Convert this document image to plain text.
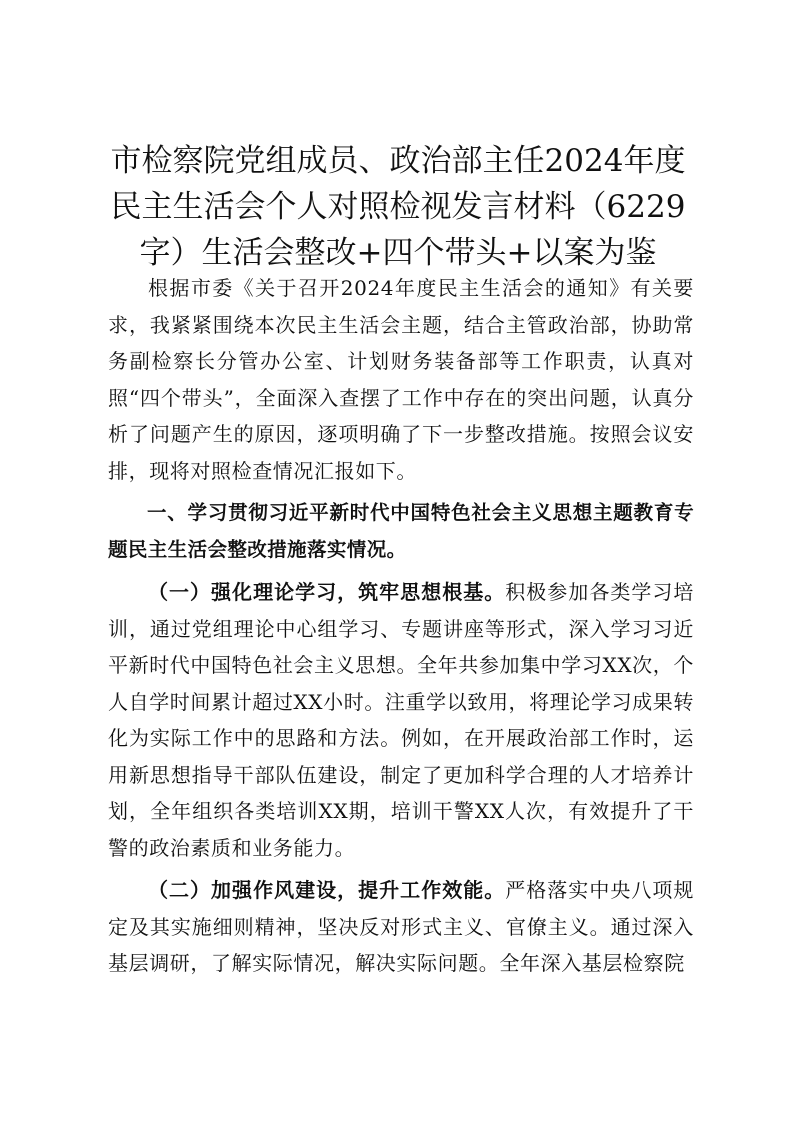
市检察院党组成员、政治部主任2024年度民主生活会个人对照检视发言材料（6229字）生活会整改+四个带头+以案为鉴

根据市委《关于召开2024年度民主生活会的通知》有关要求，我紧紧围绕本次民主生活会主题，结合主管政治部，协助常务副检察长分管办公室、计划财务装备部等工作职责，认真对照“四个带头”，全面深入查摆了工作中存在的突出问题，认真分析了问题产生的原因，逐项明确了下一步整改措施。按照会议安排，现将对照检查情况汇报如下。

一、学习贯彻习近平新时代中国特色社会主义思想主题教育专题民主生活会整改措施落实情况。

（一）强化理论学习，筑牢思想根基。积极参加各类学习培训，通过党组理论中心组学习、专题讲座等形式，深入学习习近平新时代中国特色社会主义思想。全年共参加集中学习XX次，个人自学时间累计超过XX小时。注重学以致用，将理论学习成果转化为实际工作中的思路和方法。例如，在开展政治部工作时，运用新思想指导干部队伍建设，制定了更加科学合理的人才培养计划，全年组织各类培训XX期，培训干警XX人次，有效提升了干警的政治素质和业务能力。

（二）加强作风建设，提升工作效能。严格落实中央八项规定及其实施细则精神，坚决反对形式主义、官僚主义。通过深入基层调研，了解实际情况，解决实际问题。全年深入基层检察院
